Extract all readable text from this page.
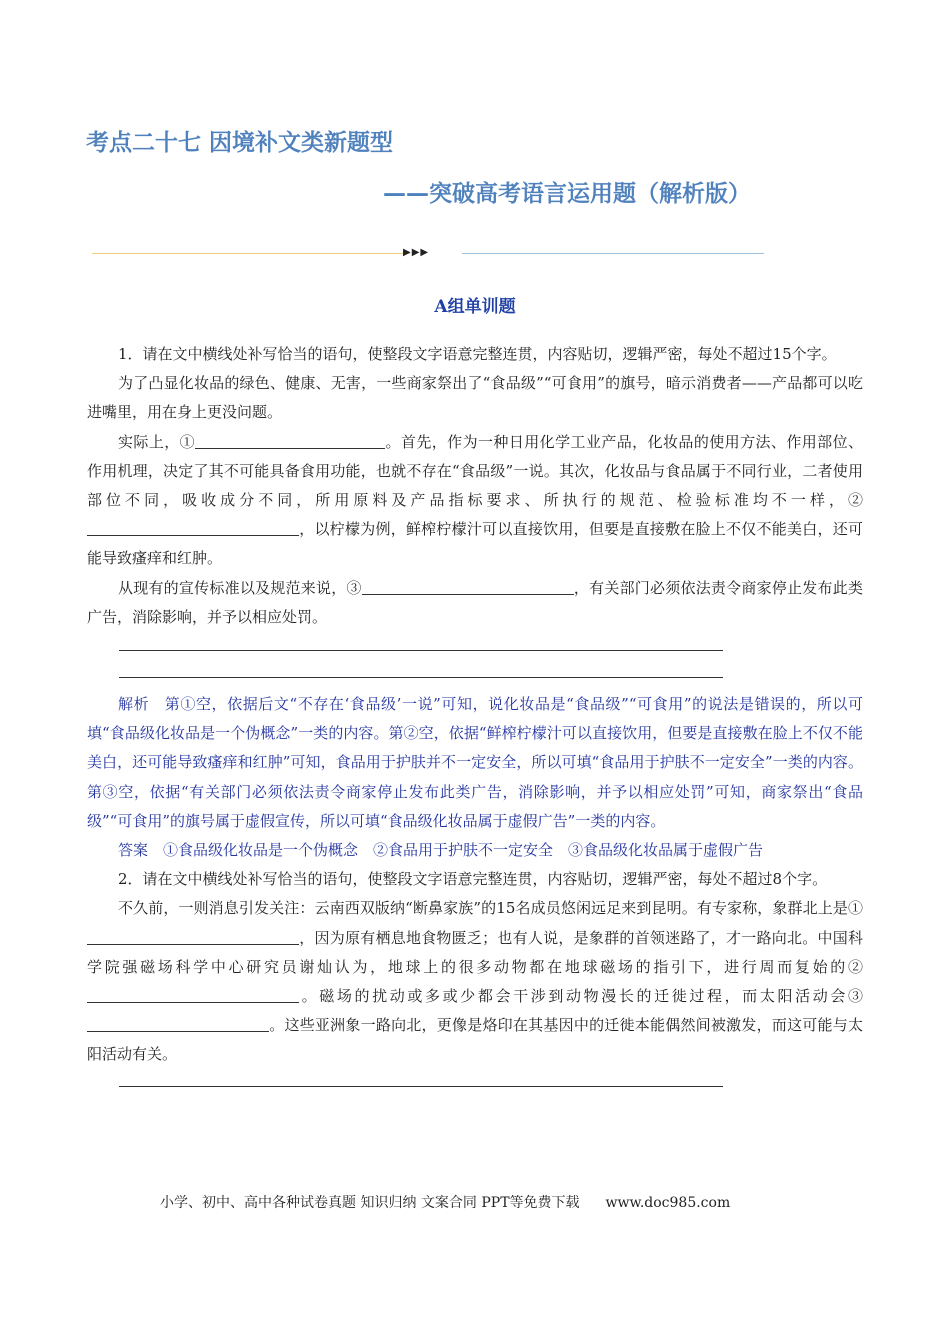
考点二十七 因境补文类新题型
——突破高考语言运用题（解析版）
▶▶▶
A组单训题

1．请在文中横线处补写恰当的语句，使整段文字语意完整连贯，内容贴切，逻辑严密，每处不超过15个字。

为了凸显化妆品的绿色、健康、无害，一些商家祭出了“食品级”“可食用”的旗号，暗示消费者——产品都可以吃进嘴里，用在身上更没问题。

实际上，①	。首先，作为一种日用化学工业产品，化妆品的使用方法、作用部位、作用机理，决定了其不可能具备食用功能，也就不存在“食品级”一说。其次，化妆品与食品属于不同行业，二者使用部位不同，吸收成分不同，所用原料及产品指标要求、所执行的规范、检验标准均不一样，②，以柠檬为例，鲜榨柠檬汁可以直接饮用，但要是直接敷在脸上不仅不能美白，还可能导致瘙痒和红肿。

从现有的宣传标准以及规范来说，③	，有关部门必须依法责令商家停止发布此类广告，消除影响，并予以相应处罚。

解析　 第①空，依据后文“不存在‘食品级’一说”可知，说化妆品是“食品级”“可食用”的说法是错误的，所以可填“食品级化妆品是一个伪概念”一类的内容。第②空，依据“鲜榨柠檬汁可以直接饮用，但要是直接敷在脸上不仅不能美白，还可能导致瘙痒和红肿”可知，食品用于护肤并不一定安全，所以可填“食品用于护肤不一定安全”一类的内容。第③空，依据“有关部门必须依法责令商家停止发布此类广告，消除影响，并予以相应处罚”可知，商家祭出“食品级”“可食用”的旗号属于虚假宣传，所以可填“食品级化妆品属于虚假广告”一类的内容。

答案　 ①食品级化妆品是一个伪概念　②食品用于护肤不一定安全　③食品级化妆品属于虚假广告

2．请在文中横线处补写恰当的语句，使整段文字语意完整连贯，内容贴切，逻辑严密，每处不超过8个字。

不久前，一则消息引发关注：云南西双版纳“断鼻家族”的15名成员悠闲远足来到昆明。有专家称，象群北上是①，因为原有栖息地食物匮乏；也有人说，是象群的首领迷路了，才一路向北。中国科学院强磁场科学中心研究员谢灿认为，地球上的很多动物都在地球磁场的指引下，进行周而复始的②。磁场的扰动或多或少都会干涉到动物漫长的迁徙过程，而太阳活动会③。这些亚洲象一路向北，更像是烙印在其基因中的迁徙本能偶然间被激发，而这可能与太阳活动有关。

小学、初中、高中各种试卷真题 知识归纳 文案合同 PPT等免费下载 www.doc985.com
